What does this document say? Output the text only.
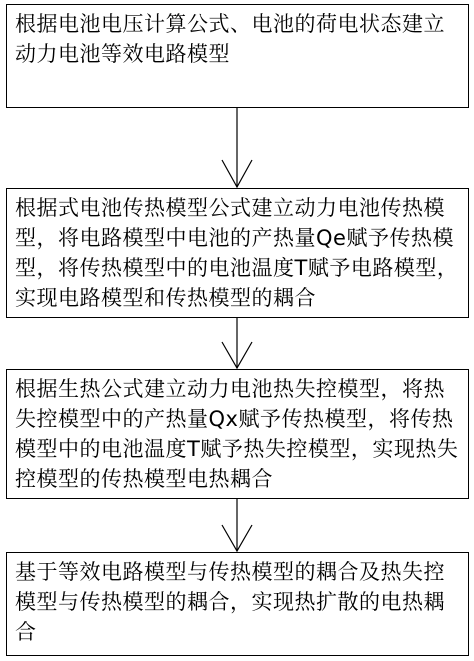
根据电池电压计算公式、电池的荷电状态建立动力电池等效电路模型
根据式电池传热模型公式建立动力电池传热模型，将电路模型中电池的产热量Qe赋予传热模型，将传热模型中的电池温度T赋予电路模型，实现电路模型和传热模型的耦合
根据生热公式建立动力电池热失控模型，将热失控模型中的产热量Qx赋予传热模型，将传热模型中的电池温度T赋予热失控模型，实现热失控模型的传热模型电热耦合
基于等效电路模型与传热模型的耦合及热失控模型与传热模型的耦合，实现热扩散的电热耦合
